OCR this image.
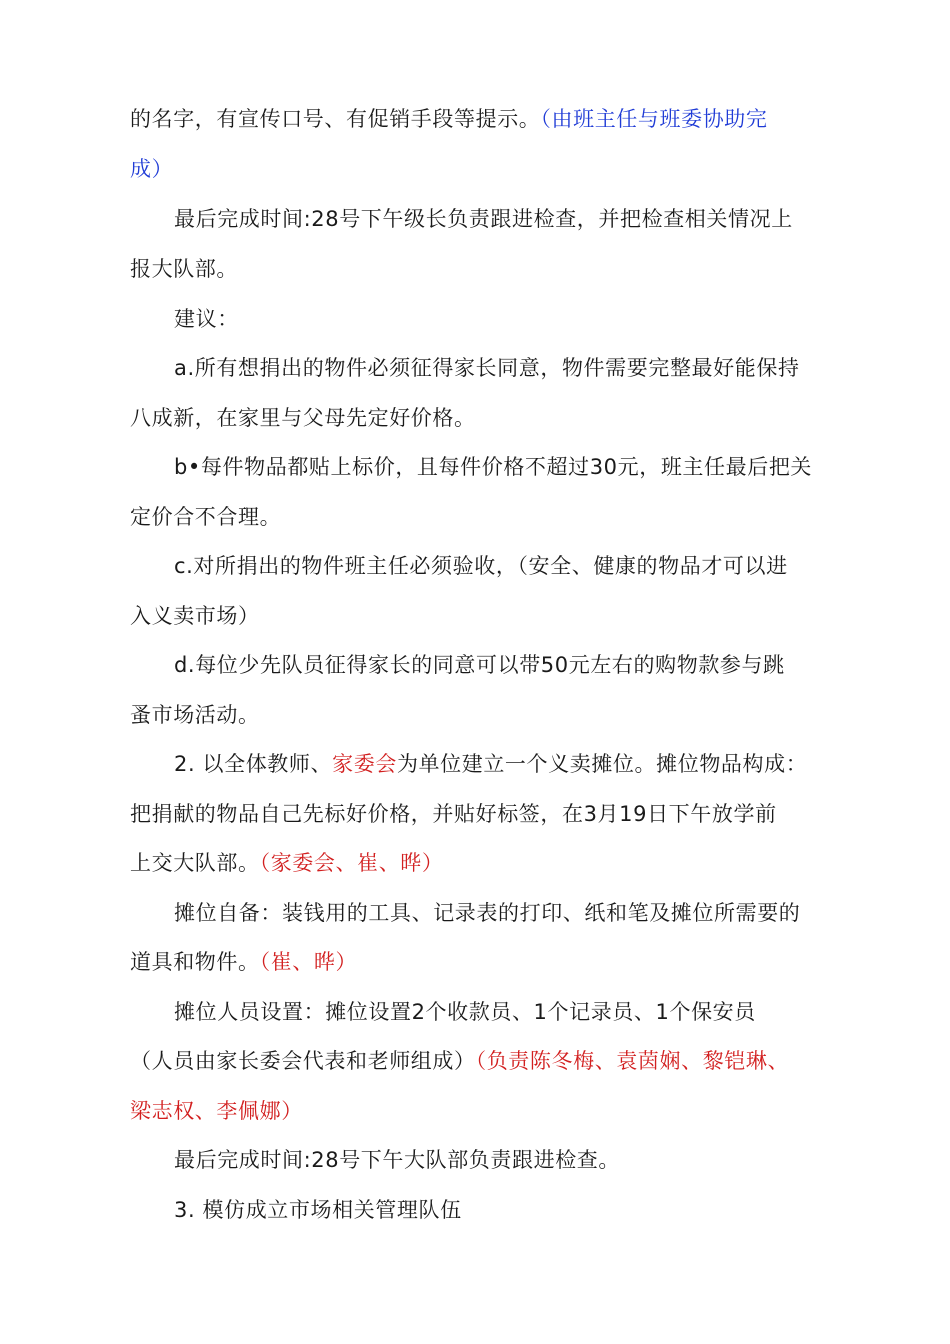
的名字，有宣传口号、有促销手段等提示。（由班主任与班委协助完
成）
最后完成时间:28号下午级长负责跟进检查，并把检查相关情况上
报大队部。
建议：
a.所有想捐出的物件必须征得家长同意，物件需要完整最好能保持
八成新，在家里与父母先定好价格。
b•每件物品都贴上标价，且每件价格不超过30元，班主任最后把关
定价合不合理。
c.对所捐出的物件班主任必须验收，（安全、健康的物品才可以进
入义卖市场）
d.每位少先队员征得家长的同意可以带50元左右的购物款参与跳
蚤市场活动。
2. 以全体教师、家委会为单位建立一个义卖摊位。摊位物品构成：
把捐献的物品自己先标好价格，并贴好标签，在3月19日下午放学前
上交大队部。（家委会、崔、晔）
摊位自备：装钱用的工具、记录表的打印、纸和笔及摊位所需要的
道具和物件。（崔、晔）
摊位人员设置：摊位设置2个收款员、1个记录员、1个保安员
（人员由家长委会代表和老师组成）（负责陈冬梅、袁茵娴、黎铠琳、
梁志权、李佩娜）
最后完成时间:28号下午大队部负责跟进检查。
3. 模仿成立市场相关管理队伍
